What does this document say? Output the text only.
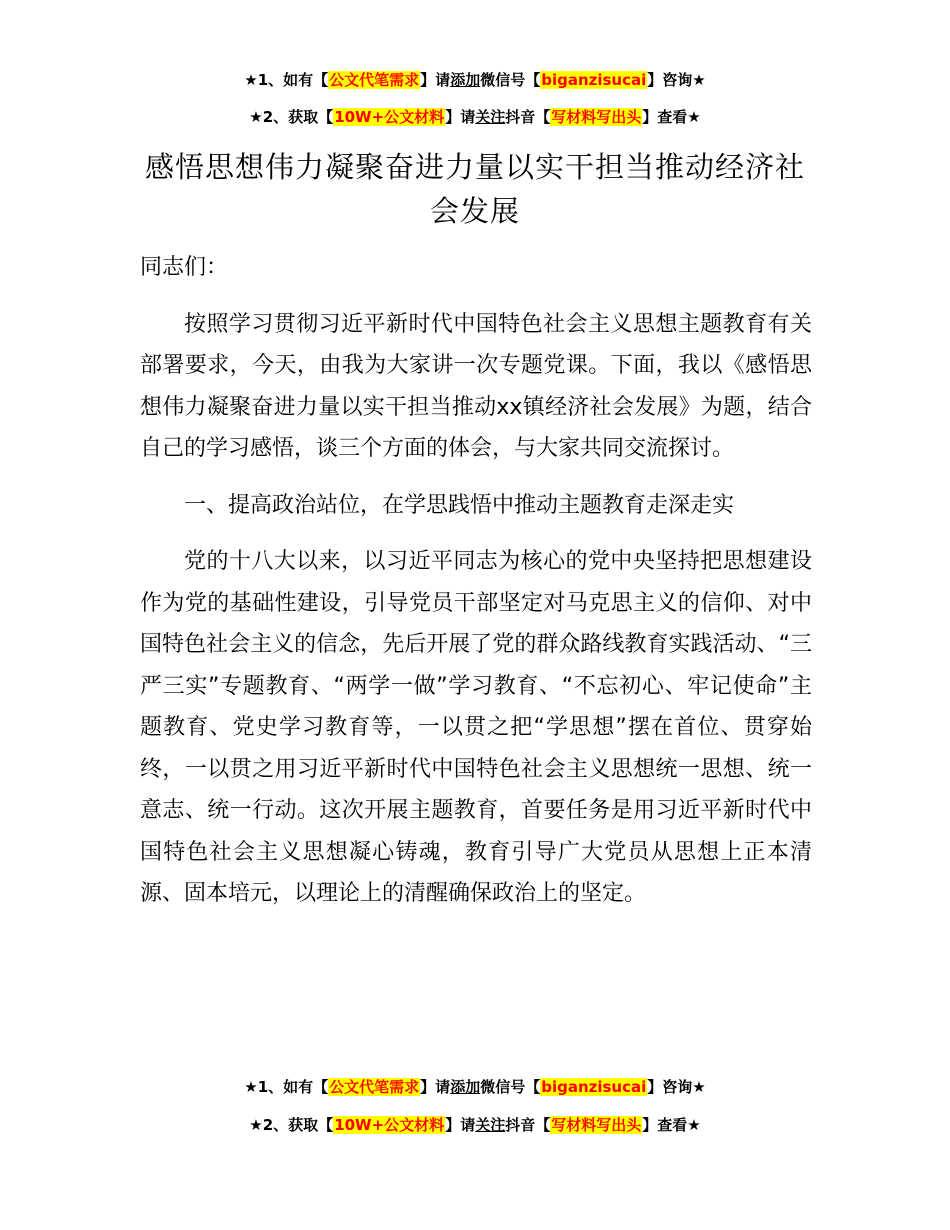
★1、如有【公文代笔需求】请添加微信号【biganzisucai】咨询★
★2、获取【10W+公文材料】请关注抖音【写材料写出头】查看★
感悟思想伟力凝聚奋进力量以实干担当推动经济社会发展

同志们：

按照学习贯彻习近平新时代中国特色社会主义思想主题教育有关部署要求，今天，由我为大家讲一次专题党课。下面，我以《感悟思想伟力凝聚奋进力量以实干担当推动xx镇经济社会发展》为题，结合自己的学习感悟，谈三个方面的体会，与大家共同交流探讨。

一、提高政治站位，在学思践悟中推动主题教育走深走实

党的十八大以来，以习近平同志为核心的党中央坚持把思想建设作为党的基础性建设，引导党员干部坚定对马克思主义的信仰、对中国特色社会主义的信念，先后开展了党的群众路线教育实践活动、“三严三实”专题教育、“两学一做”学习教育、“不忘初心、牢记使命”主题教育、党史学习教育等，一以贯之把“学思想”摆在首位、贯穿始终，一以贯之用习近平新时代中国特色社会主义思想统一思想、统一意志、统一行动。这次开展主题教育，首要任务是用习近平新时代中国特色社会主义思想凝心铸魂，教育引导广大党员从思想上正本清源、固本培元，以理论上的清醒确保政治上的坚定。

★1、如有【公文代笔需求】请添加微信号【biganzisucai】咨询★
★2、获取【10W+公文材料】请关注抖音【写材料写出头】查看★
